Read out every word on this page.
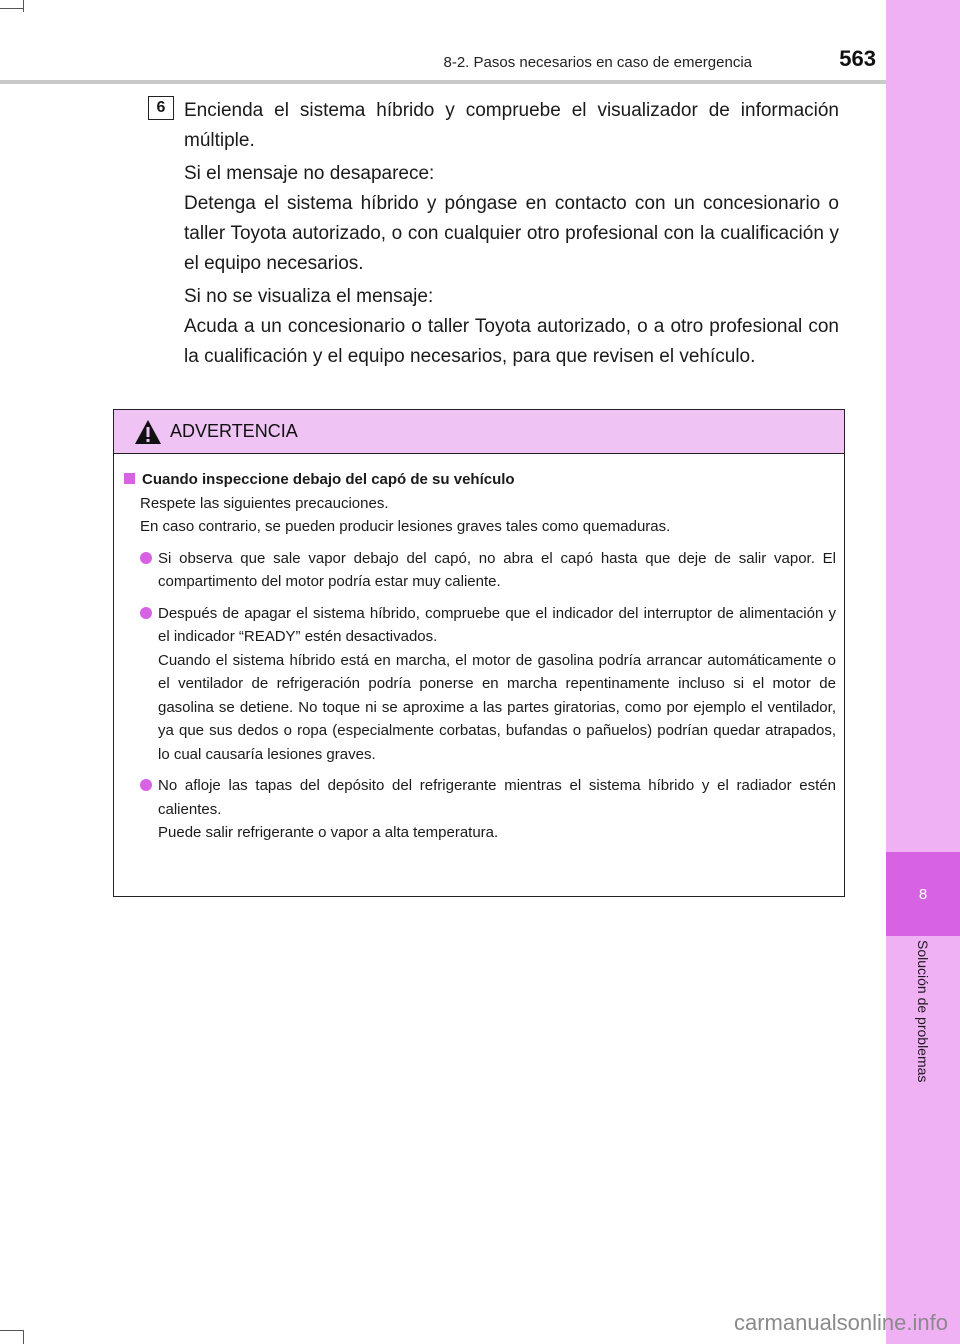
8
Solución de problemas
8-2. Pasos necesarios en caso de emergencia	563
6 Encienda el sistema híbrido y compruebe el visualizador de información múltiple.
Si el mensaje no desaparece:
Detenga el sistema híbrido y póngase en contacto con un concesionario o taller Toyota autorizado, o con cualquier otro profesional con la cualificación y el equipo necesarios.
Si no se visualiza el mensaje:
Acuda a un concesionario o taller Toyota autorizado, o a otro profesional con la cualificación y el equipo necesarios, para que revisen el vehículo.
ADVERTENCIA
Cuando inspeccione debajo del capó de su vehículo
Respete las siguientes precauciones.
En caso contrario, se pueden producir lesiones graves tales como quemaduras.
Si observa que sale vapor debajo del capó, no abra el capó hasta que deje de salir vapor. El compartimento del motor podría estar muy caliente.
Después de apagar el sistema híbrido, compruebe que el indicador del interruptor de alimentación y el indicador “READY” estén desactivados.
Cuando el sistema híbrido está en marcha, el motor de gasolina podría arrancar automáticamente o el ventilador de refrigeración podría ponerse en marcha repentinamente incluso si el motor de gasolina se detiene. No toque ni se aproxime a las partes giratorias, como por ejemplo el ventilador, ya que sus dedos o ropa (especialmente corbatas, bufandas o pañuelos) podrían quedar atrapados, lo cual causaría lesiones graves.
No afloje las tapas del depósito del refrigerante mientras el sistema híbrido y el radiador estén calientes.
Puede salir refrigerante o vapor a alta temperatura.
carmanualsonline.info
